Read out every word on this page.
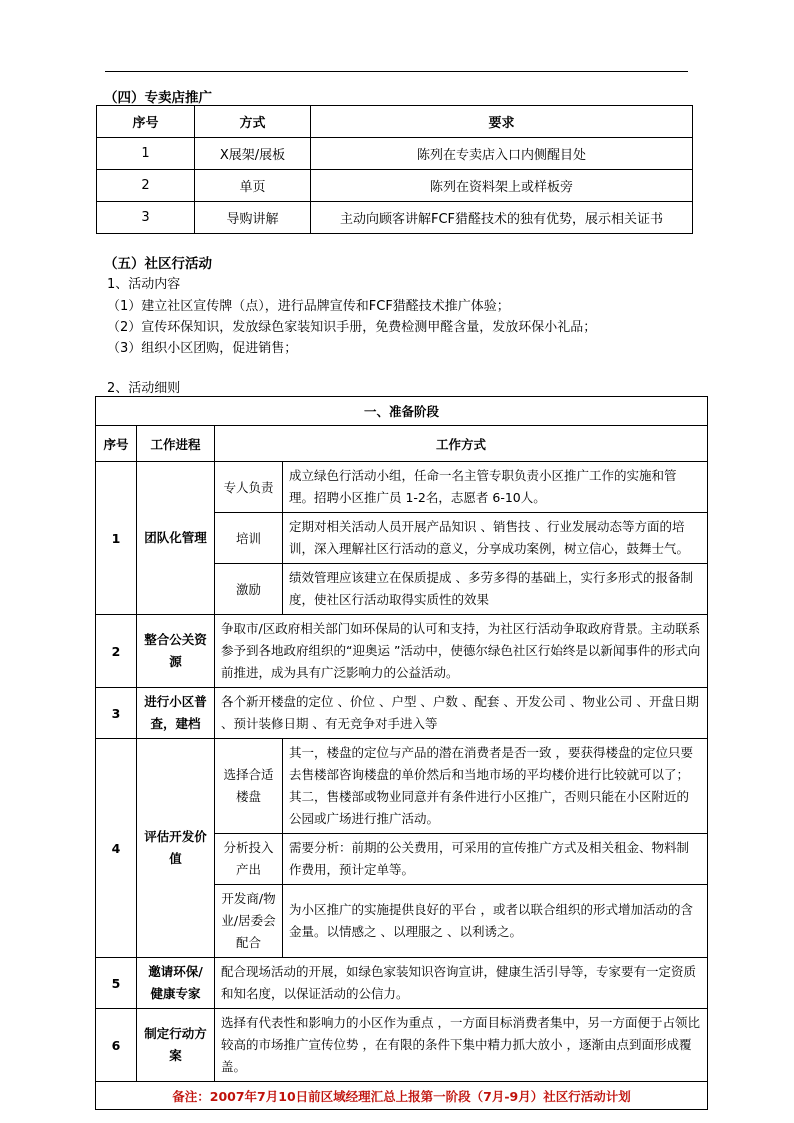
（四）专卖店推广
序号	方式	要求
1	X展架/展板	陈列在专卖店入口内侧醒目处
2	单页	陈列在资料架上或样板旁
3	导购讲解	主动向顾客讲解FCF猎醛技术的独有优势，展示相关证书
（五）社区行活动
1、活动内容
（1）建立社区宣传牌（点），进行品牌宣传和FCF猎醛技术推广体验；
（2）宣传环保知识，发放绿色家装知识手册，免费检测甲醛含量，发放环保小礼品；
（3）组织小区团购，促进销售；
2、活动细则
一、准备阶段			
序号	工作进程	工作方式	
1	团队化管理	专人负责	成立绿色行活动小组，任命一名主管专职负责小区推广工作的实施和管理。招聘小区推广员 1-2名，志愿者 6-10人。

		培训	定期对相关活动人员开展产品知识 、销售技 、行业发展动态等方面的培训，深入理解社区行活动的意义，分享成功案例，树立信心，鼓舞士气。

		激励	绩效管理应该建立在保质提成 、多劳多得的基础上，实行多形式的报备制度，使社区行活动取得实质性的效果

2	整合公关资源	争取市/区政府相关部门如环保局的认可和支持，为社区行活动争取政府背景。主动联系参予到各地政府组织的“迎奥运 ”活动中，使德尔绿色社区行始终是以新闻事件的形式向前推进，成为具有广泛影响力的公益活动。	

3	进行小区普查，建档	各个新开楼盘的定位 、价位 、户型 、户数 、配套 、开发公司 、物业公司 、开盘日期 、预计装修日期 、有无竞争对手进入等	

4	评估开发价值	选择合适楼盘	其一，楼盘的定位与产品的潜在消费者是否一致 ，要获得楼盘的定位只要去售楼部咨询楼盘的单价然后和当地市场的平均楼价进行比较就可以了；其二，售楼部或物业同意并有条件进行小区推广，否则只能在小区附近的公园或广场进行推广活动。

		分析投入产出	需要分析：前期的公关费用，可采用的宣传推广方式及相关租金、物料制作费用，预计定单等。

		开发商/物业/居委会配合	为小区推广的实施提供良好的平台 ，或者以联合组织的形式增加活动的含金量。以情感之 、以理服之 、以利诱之。

5	邀请环保/健康专家	配合现场活动的开展，如绿色家装知识咨询宣讲，健康生活引导等，专家要有一定资质和知名度，以保证活动的公信力。	

6	制定行动方案	选择有代表性和影响力的小区作为重点 ，一方面目标消费者集中，另一方面便于占领比较高的市场推广宣传位势 ，在有限的条件下集中精力抓大放小 ，逐渐由点到面形成覆盖。	

备注：2007年7月10日前区域经理汇总上报第一阶段（7月-9月）社区行活动计划			
